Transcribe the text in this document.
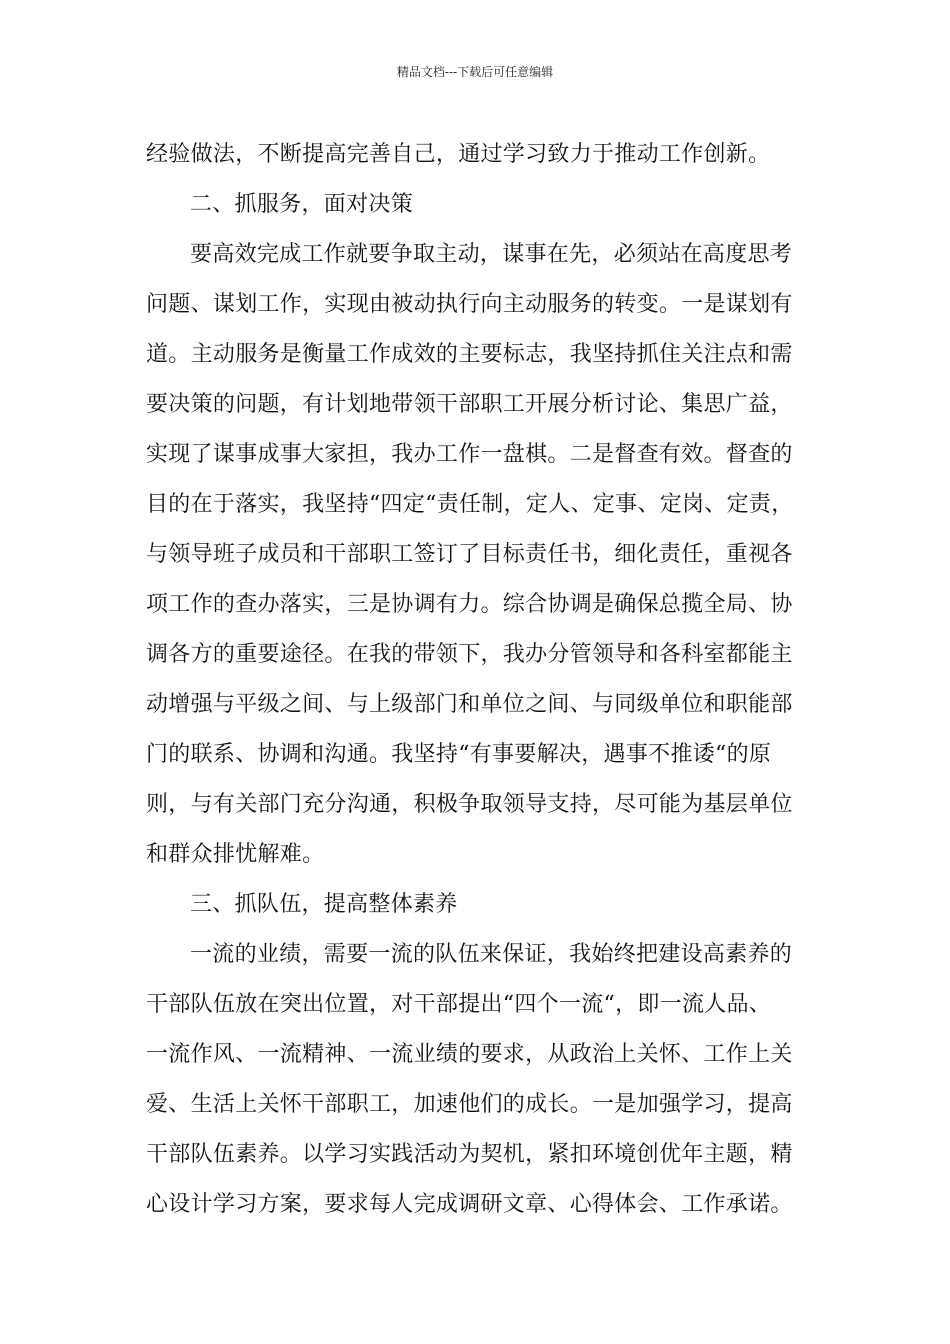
精品文档---下载后可任意编辑
经验做法，不断提高完善自己，通过学习致力于推动工作创新。
二、抓服务，面对决策
要高效完成工作就要争取主动，谋事在先，必须站在高度思考
问题、谋划工作，实现由被动执行向主动服务的转变。一是谋划有
道。主动服务是衡量工作成效的主要标志，我坚持抓住关注点和需
要决策的问题，有计划地带领干部职工开展分析讨论、集思广益，
实现了谋事成事大家担，我办工作一盘棋。二是督查有效。督查的
目的在于落实，我坚持“四定“责任制，定人、定事、定岗、定责，
与领导班子成员和干部职工签订了目标责任书，细化责任，重视各
项工作的查办落实，三是协调有力。综合协调是确保总揽全局、协
调各方的重要途径。在我的带领下，我办分管领导和各科室都能主
动增强与平级之间、与上级部门和单位之间、与同级单位和职能部
门的联系、协调和沟通。我坚持“有事要解决，遇事不推诿“的原
则，与有关部门充分沟通，积极争取领导支持，尽可能为基层单位
和群众排忧解难。
三、抓队伍，提高整体素养
一流的业绩，需要一流的队伍来保证，我始终把建设高素养的
干部队伍放在突出位置，对干部提出“四个一流“，即一流人品、
一流作风、一流精神、一流业绩的要求，从政治上关怀、工作上关
爱、生活上关怀干部职工，加速他们的成长。一是加强学习，提高
干部队伍素养。以学习实践活动为契机，紧扣环境创优年主题，精
心设计学习方案，要求每人完成调研文章、心得体会、工作承诺。
